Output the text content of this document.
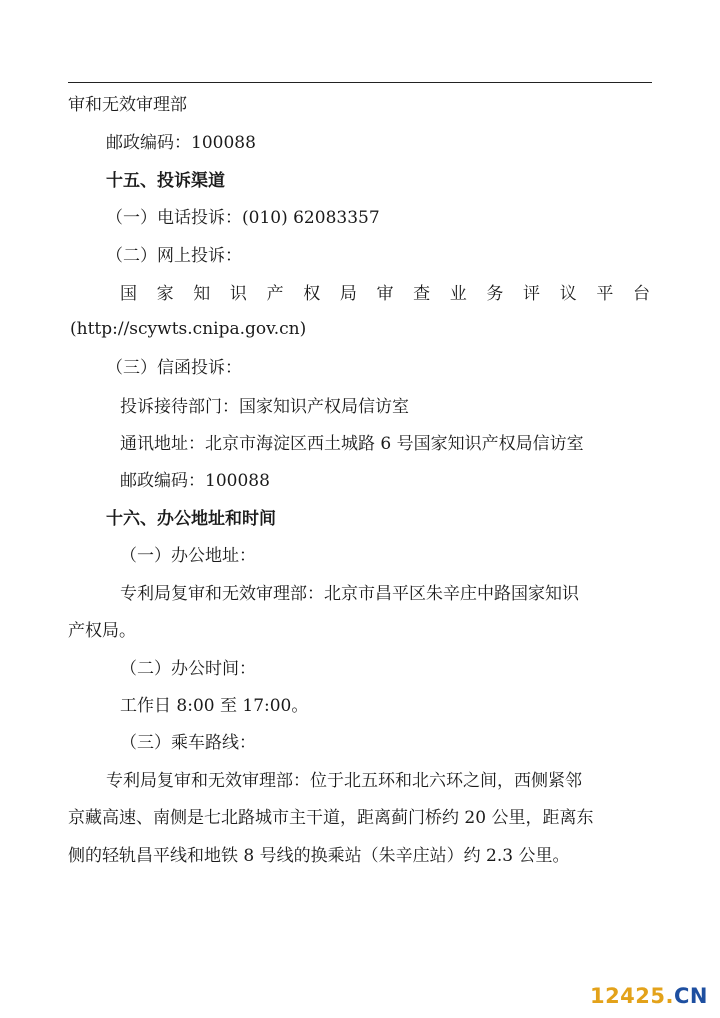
审和无效审理部
邮政编码：100088
十五、投诉渠道
（一）电话投诉：(010) 62083357
（二）网上投诉：
国 家 知 识 产 权 局 审 查 业 务 评 议 平 台
(http://scywts.cnipa.gov.cn)
（三）信函投诉：
投诉接待部门：国家知识产权局信访室
通讯地址：北京市海淀区西土城路 6 号国家知识产权局信访室
邮政编码：100088
十六、办公地址和时间
（一）办公地址：
专利局复审和无效审理部：北京市昌平区朱辛庄中路国家知识
产权局。
（二）办公时间：
工作日 8:00 至 17:00。
（三）乘车路线：
专利局复审和无效审理部：位于北五环和北六环之间，西侧紧邻
京藏高速、南侧是七北路城市主干道，距离蓟门桥约 20 公里，距离东
侧的轻轨昌平线和地铁 8 号线的换乘站（朱辛庄站）约 2.3 公里。
12425.CN
